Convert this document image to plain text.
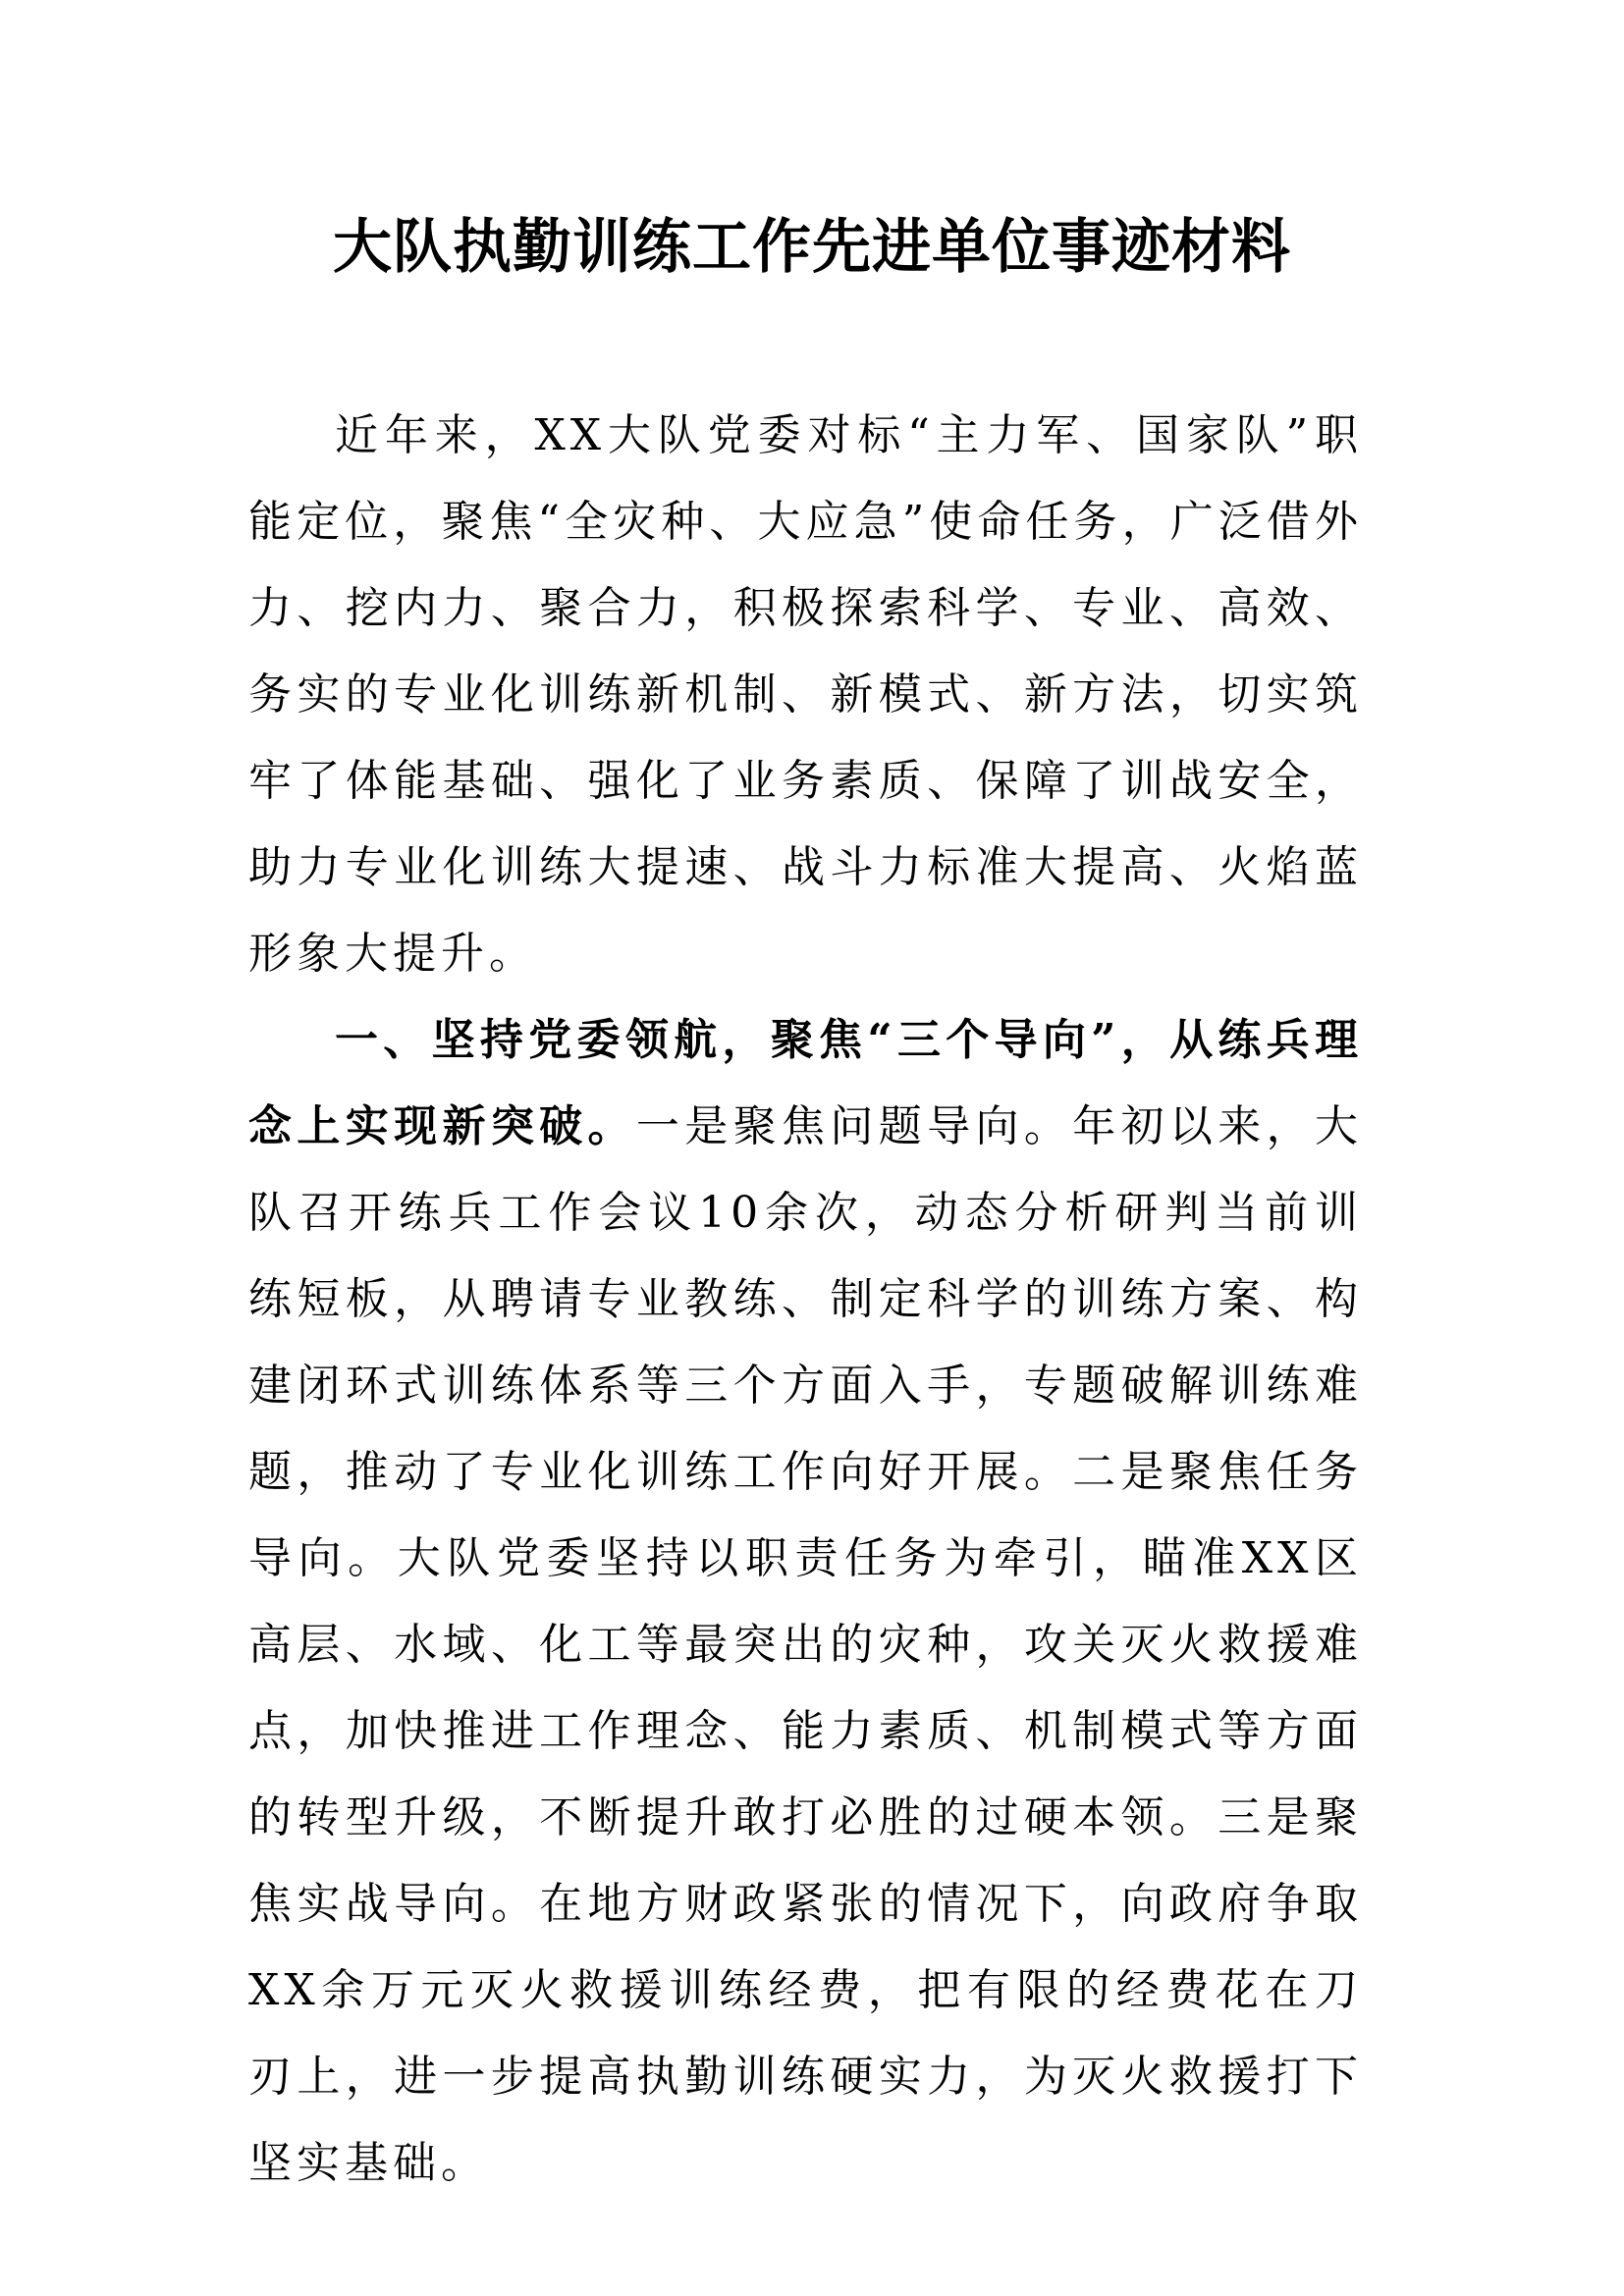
大队执勤训练工作先进单位事迹材料

近年来，XX大队党委对标“主力军、国家队”职能定位，聚焦“全灾种、大应急”使命任务，广泛借外力、挖内力、聚合力，积极探索科学、专业、高效、务实的专业化训练新机制、新模式、新方法，切实筑牢了体能基础、强化了业务素质、保障了训战安全，助力专业化训练大提速、战斗力标准大提高、火焰蓝形象大提升。

一、坚持党委领航，聚焦“三个导向”，从练兵理念上实现新突破。一是聚焦问题导向。年初以来，大队召开练兵工作会议10余次，动态分析研判当前训练短板，从聘请专业教练、制定科学的训练方案、构建闭环式训练体系等三个方面入手，专题破解训练难题，推动了专业化训练工作向好开展。二是聚焦任务导向。大队党委坚持以职责任务为牵引，瞄准XX区高层、水域、化工等最突出的灾种，攻关灭火救援难点，加快推进工作理念、能力素质、机制模式等方面的转型升级，不断提升敢打必胜的过硬本领。三是聚焦实战导向。在地方财政紧张的情况下，向政府争取XX余万元灭火救援训练经费，把有限的经费花在刀刃上，进一步提高执勤训练硬实力，为灭火救援打下坚实基础。
